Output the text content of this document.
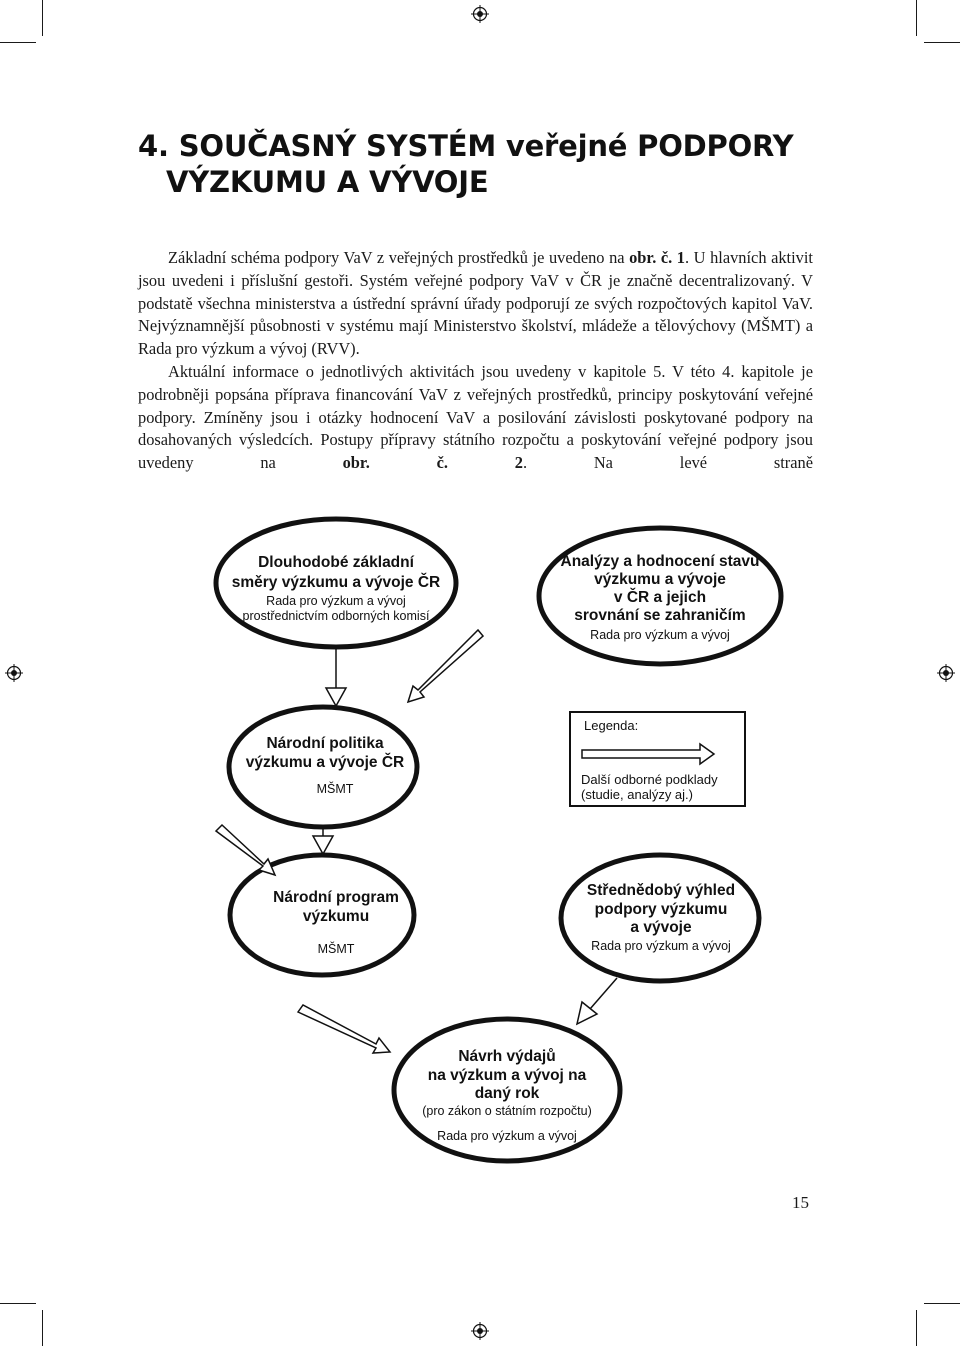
4. SOUČASNÝ SYSTÉM veřejné PODPORY
VÝZKUMU A VÝVOJE

Základní schéma podpory VaV z veřejných prostředků je uvedeno na obr. č. 1. U hlavních aktivit jsou uvedeni i příslušní gestoři. Systém veřejné podpory VaV v ČR je značně decentralizovaný. V podstatě všechna ministerstva a ústřední správní úřady podporují ze svých rozpočtových kapitol VaV. Nejvýznamnější působnosti v systému mají Ministerstvo školství, mládeže a tělovýchovy (MŠMT) a Rada pro výzkum a vývoj (RVV).

Aktuální informace o jednotlivých aktivitách jsou uvedeny v kapitole 5. V této 4. kapitole je podrobněji popsána příprava financování VaV z veřejných prostředků, principy poskytování veřejné podpory. Zmíněny jsou i otázky hodnocení VaV a posilování závislosti poskytované podpory na dosahovaných výsledcích. Postupy přípravy státního rozpočtu a poskytování veřejné podpory jsou uvedeny na obr. č. 2. Na levé straně

Dlouhodobé základní
směry výzkumu a vývoje ČR
Rada pro výzkum a vývoj
prostřednictvím odborných komisí
Analýzy a hodnocení stavu
výzkumu a vývoje
v ČR a jejich
srovnání se zahraničím
Rada pro výzkum a vývoj
Národní politika
výzkumu a vývoje ČR
MŠMT
Legenda:
Další odborné podklady
(studie, analýzy aj.)
Národní program
výzkumu
MŠMT
Střednědobý výhled
podpory výzkumu
a vývoje
Rada pro výzkum a vývoj
Návrh výdajů
na výzkum a vývoj na
daný rok
(pro zákon o státním rozpočtu)
Rada pro výzkum a vývoj

15
